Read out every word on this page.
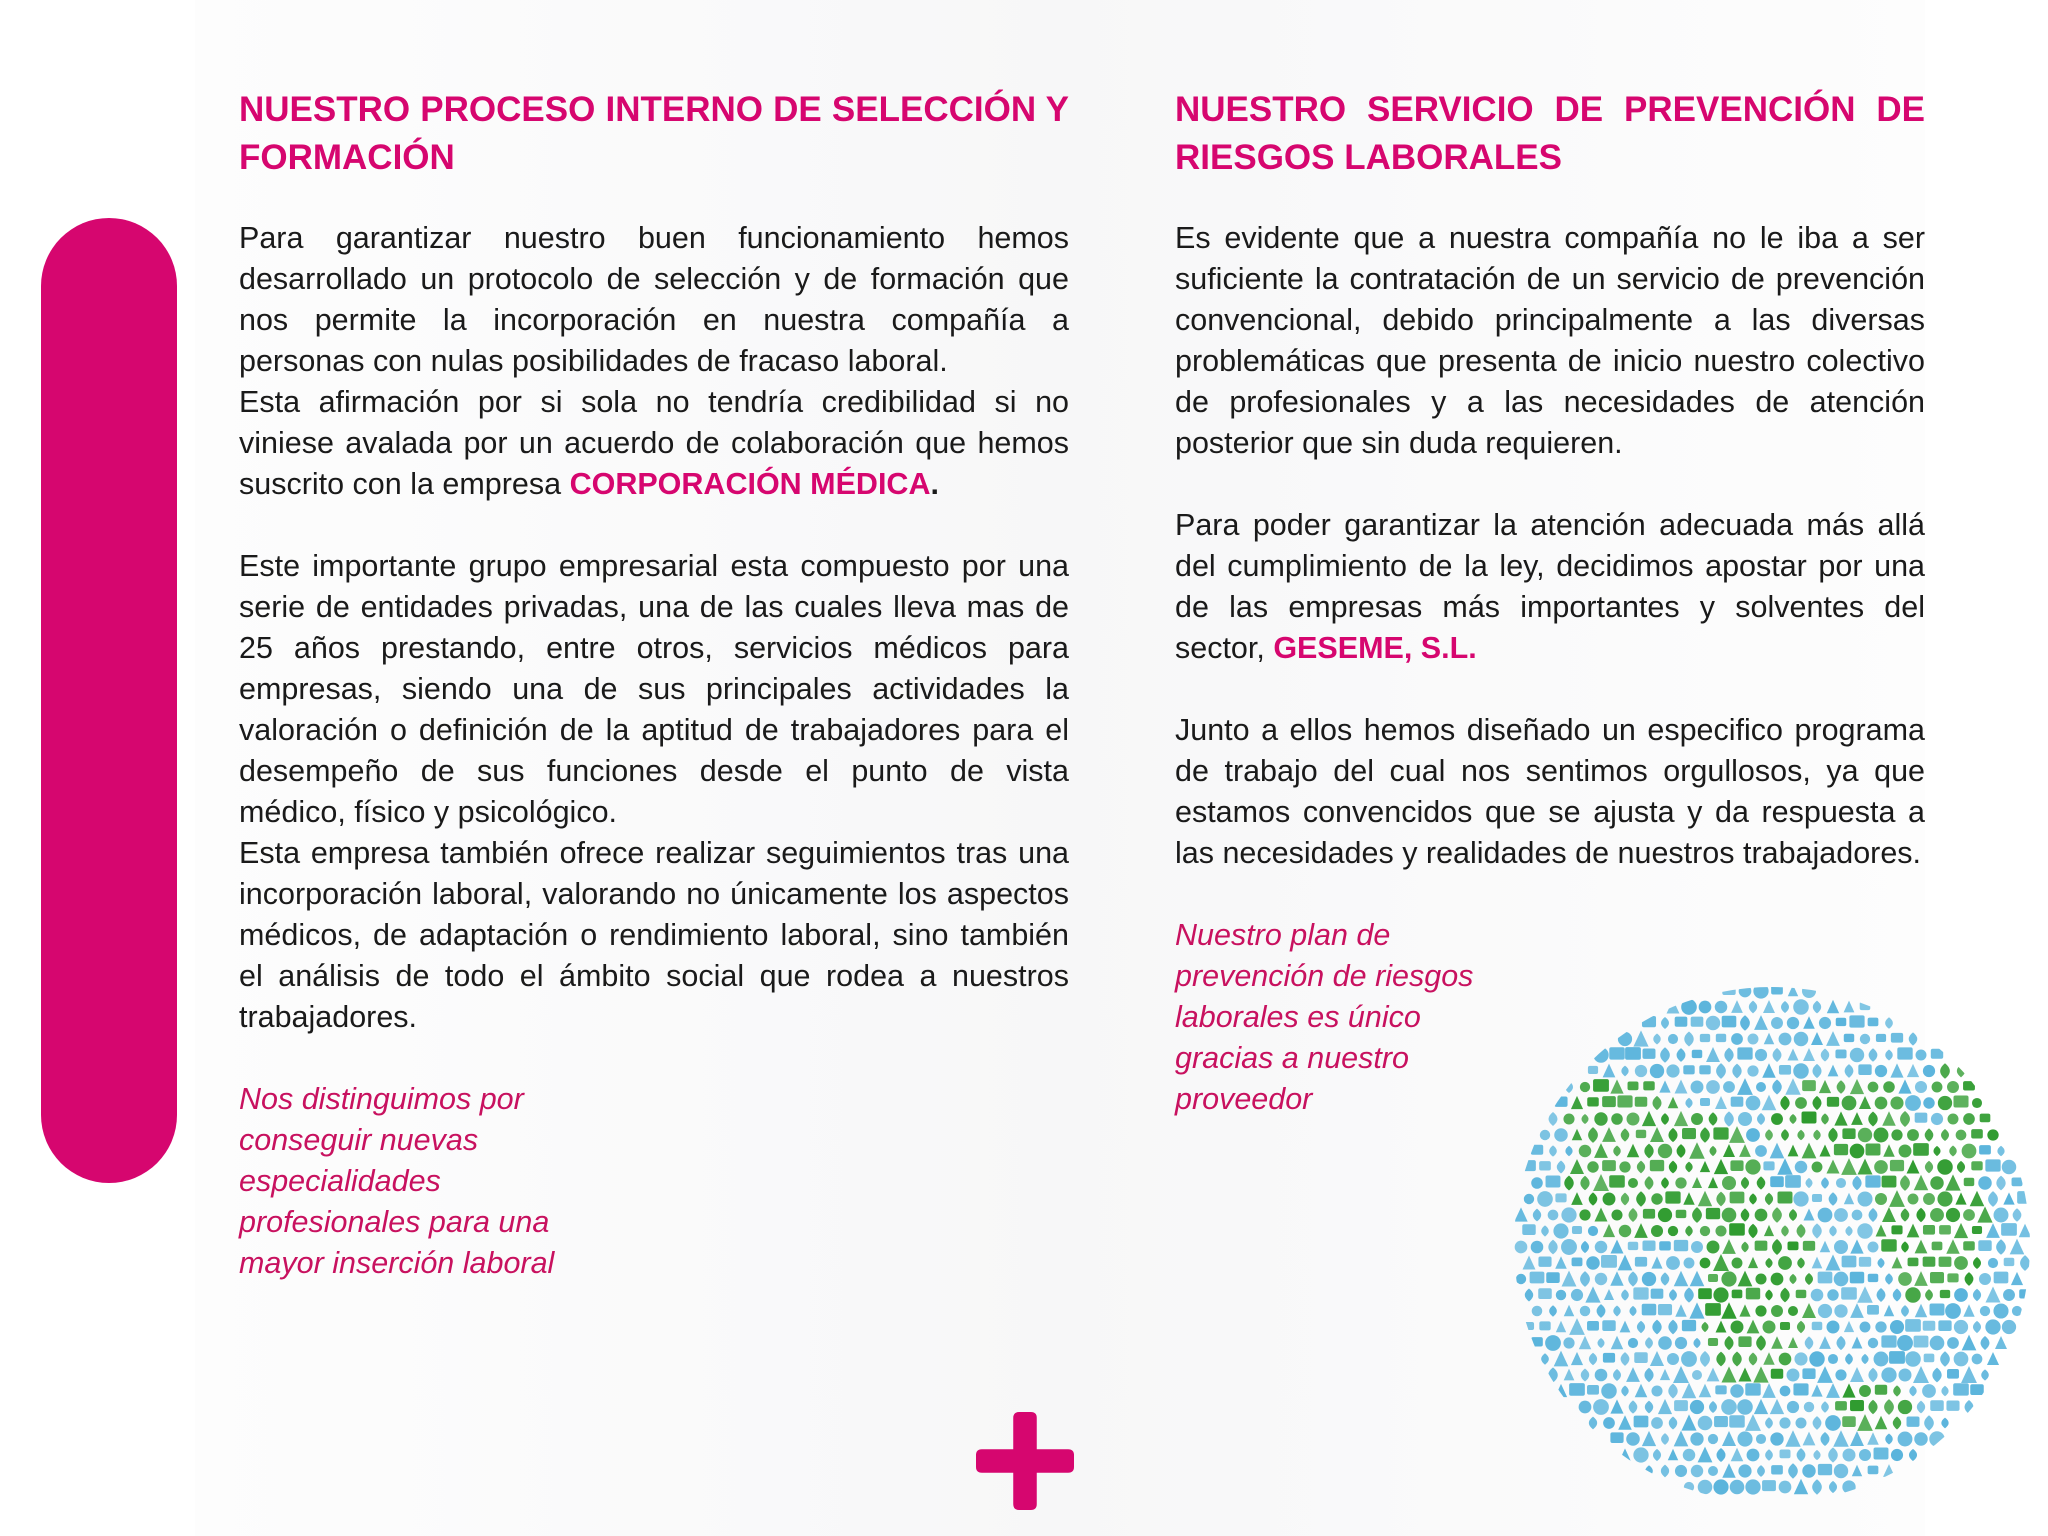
NUESTRO PROCESO INTERNO DE SELECCIÓN Y FORMACIÓN

Para garantizar nuestro buen funcionamiento hemos desarrollado un protocolo de selección y de formación que nos permite la incorporación en nuestra compañía a personas con nulas posibilidades de fracaso laboral.

Esta afirmación por si sola no tendría credibilidad si no viniese avalada por un acuerdo de colaboración que hemos suscrito con la empresa CORPORACIÓN MÉDICA.

Este importante grupo empresarial esta compuesto por una serie de entidades privadas, una de las cuales lleva mas de 25 años prestando, entre otros, servicios médicos para empresas, siendo una de sus principales actividades la valoración o definición de la aptitud de trabajadores para el desempeño de sus funciones desde el punto de vista médico, físico y psicológico.

Esta empresa también ofrece realizar seguimientos tras una incorporación laboral, valorando no únicamente los aspectos médicos, de adaptación o rendimiento laboral, sino también el análisis de todo el ámbito social que rodea a nuestros trabajadores.

Nos distinguimos por
conseguir nuevas
especialidades
profesionales para una
mayor inserción laboral

NUESTRO SERVICIO DE PREVENCIÓN DE RIESGOS LABORALES

Es evidente que a nuestra compañía no le iba a ser suficiente la contratación de un servicio de prevención convencional, debido principalmente a las diversas problemáticas que presenta de inicio nuestro colectivo de profesionales y a las necesidades de atención posterior que sin duda requieren.

Para poder garantizar la atención adecuada más allá del cumplimiento de la ley, decidimos apostar por una de las empresas más importantes y solventes del sector, GESEME, S.L.

Junto a ellos hemos diseñado un especifico programa de trabajo del cual nos sentimos orgullosos, ya que estamos convencidos que se ajusta y da respuesta a las necesidades y realidades de nuestros trabajadores.

Nuestro plan de
prevención de riesgos
laborales es único
gracias a nuestro
proveedor
